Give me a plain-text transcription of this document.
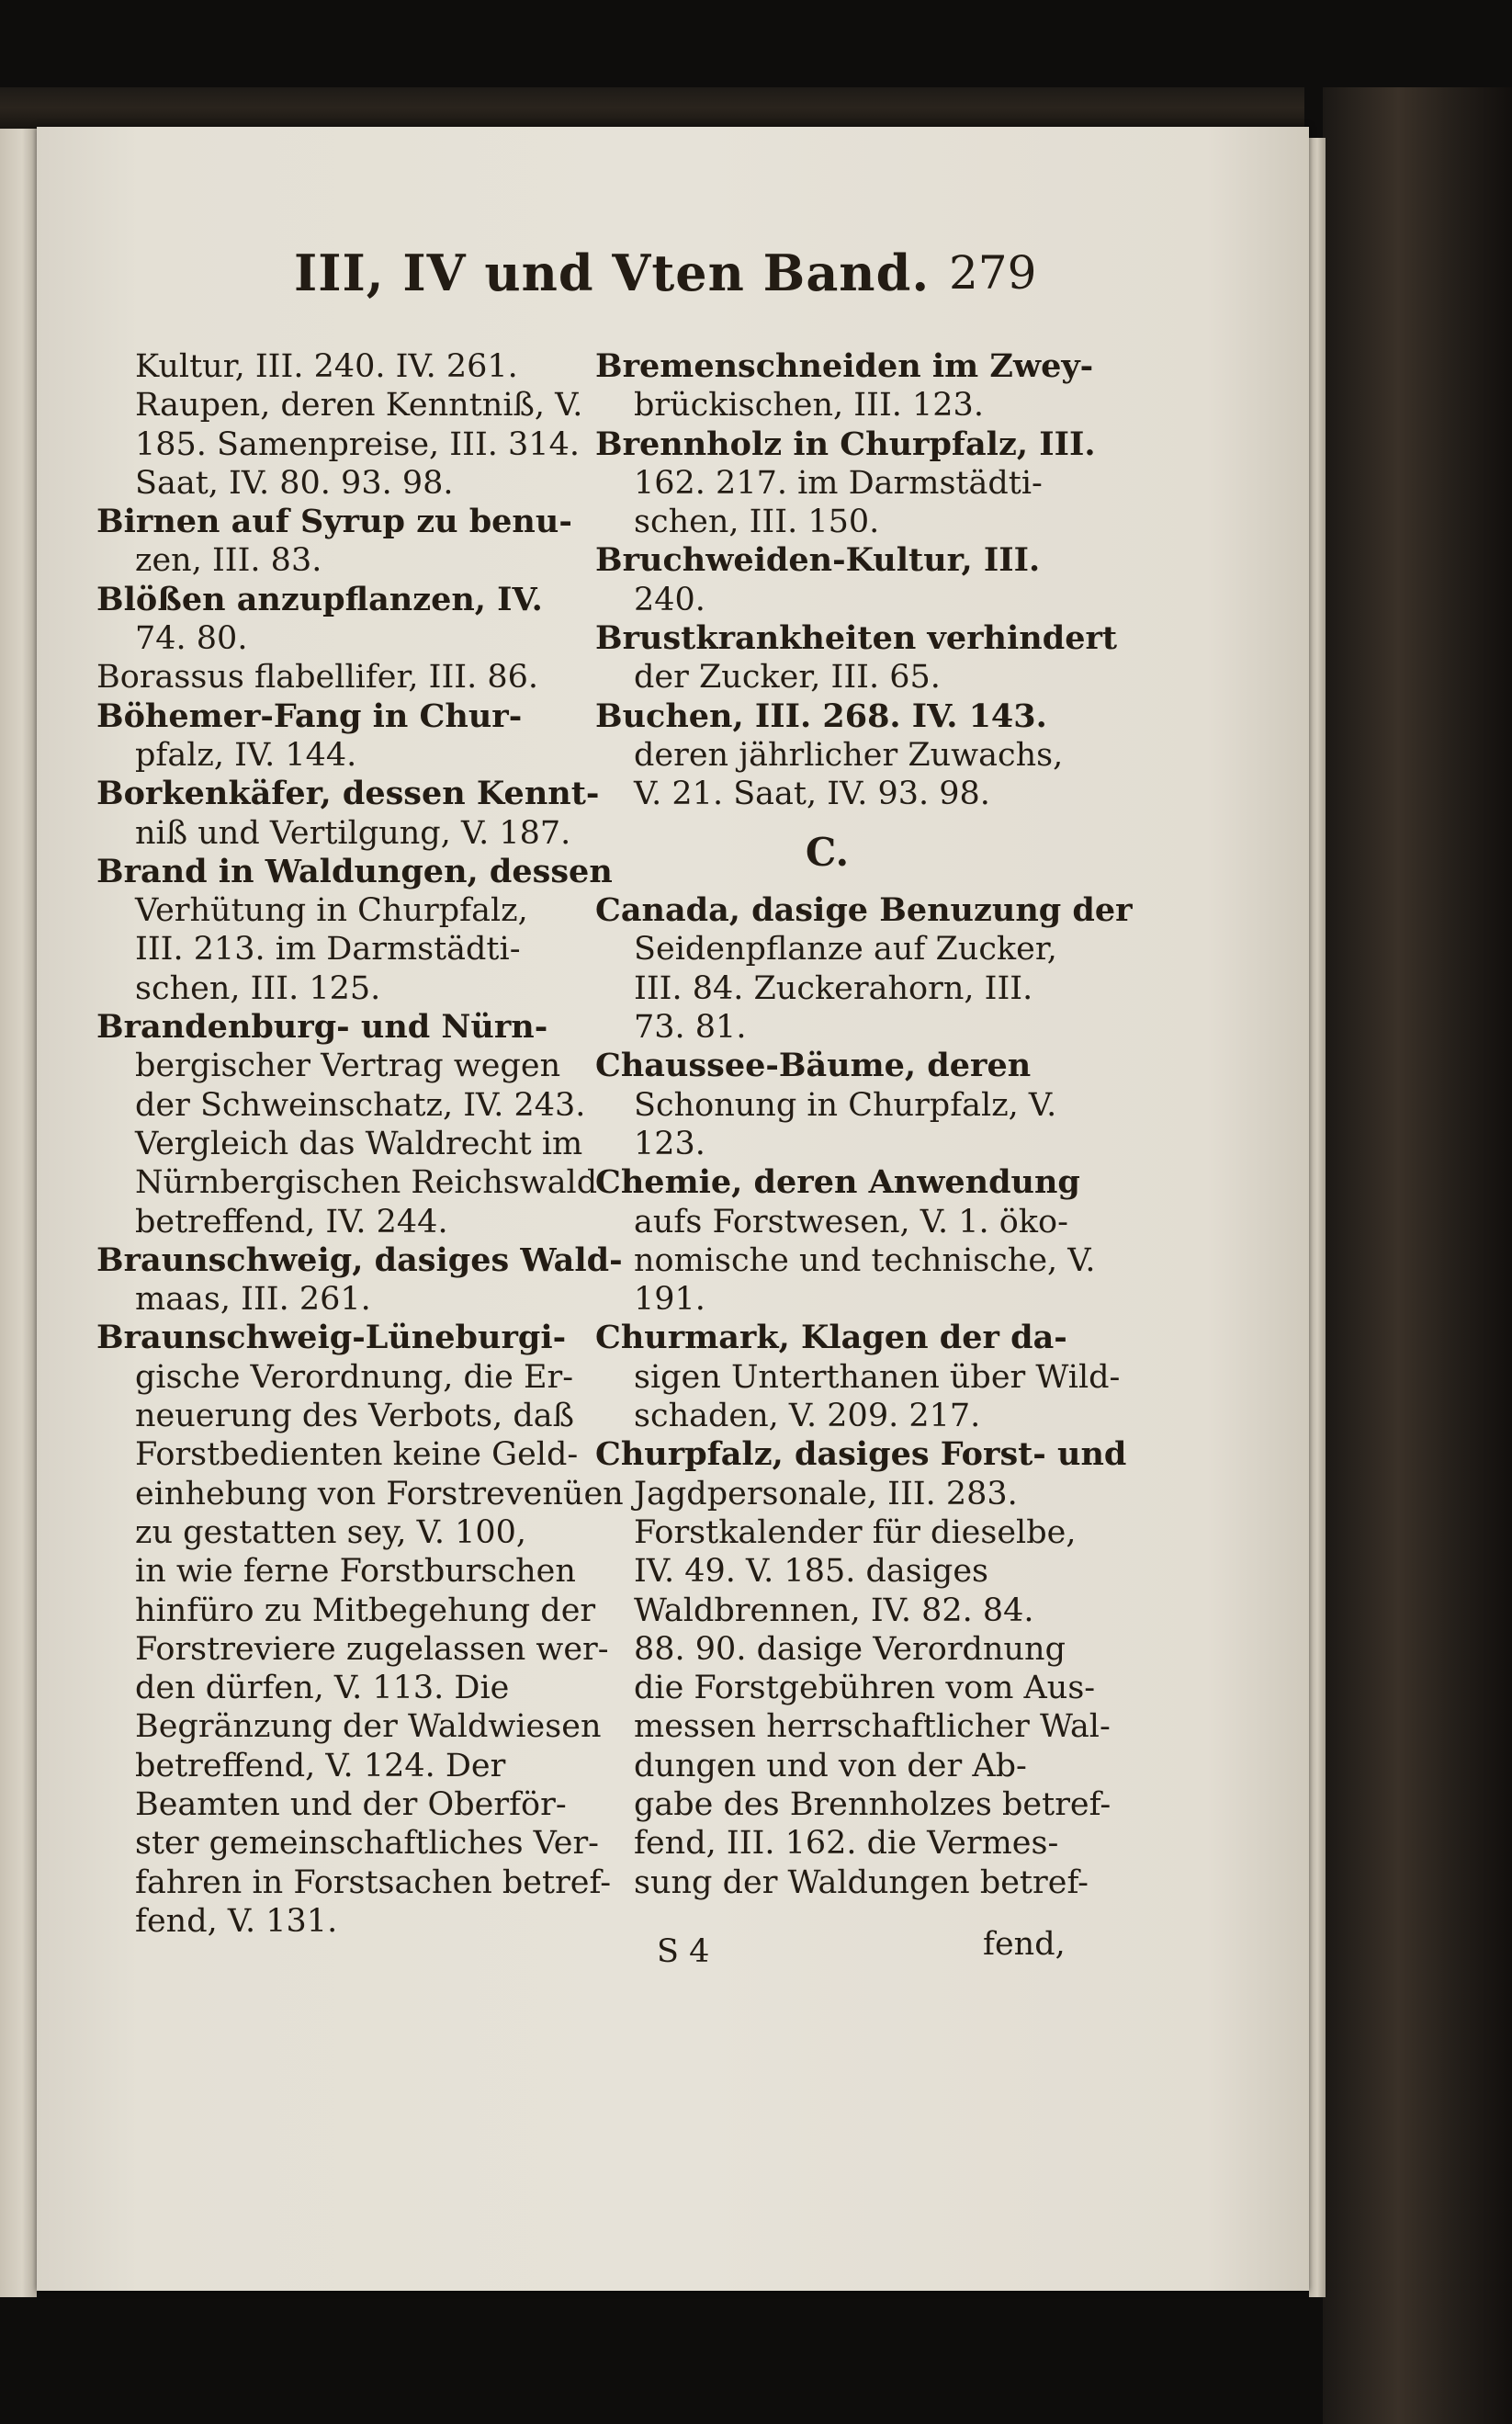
III, IV und Vten Band. 279
Kultur, III. 240. IV. 261.
Raupen, deren Kenntniß, V.
185. Samenpreise, III. 314.
Saat, IV. 80. 93. 98.
Birnen auf Syrup zu benu-
zen, III. 83.
Blößen anzupflanzen, IV.
74. 80.
Borassus flabellifer, III. 86.
Böhemer-Fang in Chur-
pfalz, IV. 144.
Borkenkäfer, dessen Kennt-
niß und Vertilgung, V. 187.
Brand in Waldungen, dessen
Verhütung in Churpfalz,
III. 213. im Darmstädti-
schen, III. 125.
Brandenburg- und Nürn-
bergischer Vertrag wegen
der Schweinschatz, IV. 243.
Vergleich das Waldrecht im
Nürnbergischen Reichswald
betreffend, IV. 244.
Braunschweig, dasiges Wald-
maas, III. 261.
Braunschweig-Lüneburgi-
gische Verordnung, die Er-
neuerung des Verbots, daß
Forstbedienten keine Geld-
einhebung von Forstrevenüen
zu gestatten sey, V. 100,
in wie ferne Forstburschen
hinfüro zu Mitbegehung der
Forstreviere zugelassen wer-
den dürfen, V. 113. Die
Begränzung der Waldwiesen
betreffend, V. 124. Der
Beamten und der Oberför-
ster gemeinschaftliches Ver-
fahren in Forstsachen betref-
fend, V. 131.
Bremenschneiden im Zwey-
brückischen, III. 123.
Brennholz in Churpfalz, III.
162. 217. im Darmstädti-
schen, III. 150.
Bruchweiden-Kultur, III.
240.
Brustkrankheiten verhindert
der Zucker, III. 65.
Buchen, III. 268. IV. 143.
deren jährlicher Zuwachs,
V. 21. Saat, IV. 93. 98.
C.
Canada, dasige Benuzung der
Seidenpflanze auf Zucker,
III. 84. Zuckerahorn, III.
73. 81.
Chaussee-Bäume, deren
Schonung in Churpfalz, V.
123.
Chemie, deren Anwendung
aufs Forstwesen, V. 1. öko-
nomische und technische, V.
191.
Churmark, Klagen der da-
sigen Unterthanen über Wild-
schaden, V. 209. 217.
Churpfalz, dasiges Forst- und
Jagdpersonale, III. 283.
Forstkalender für dieselbe,
IV. 49. V. 185. dasiges
Waldbrennen, IV. 82. 84.
88. 90. dasige Verordnung
die Forstgebühren vom Aus-
messen herrschaftlicher Wal-
dungen und von der Ab-
gabe des Brennholzes betref-
fend, III. 162. die Vermes-
sung der Waldungen betref-
S 4	fend,
